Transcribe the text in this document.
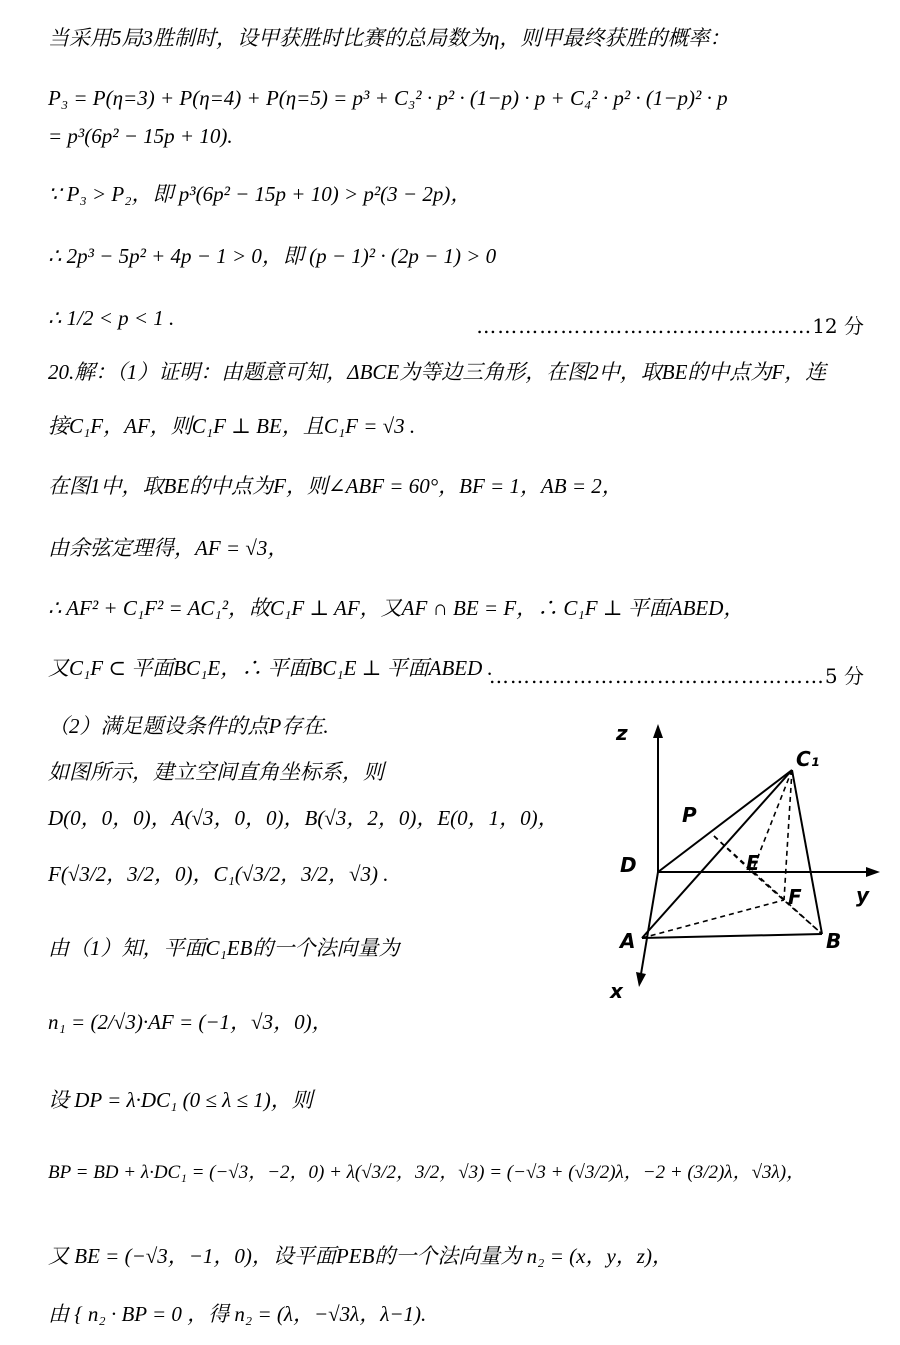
当采用5局3胜制时，设甲获胜时比赛的总局数为η，则甲最终获胜的概率：
P₃ = P(η=3) + P(η=4) + P(η=5) = p³ + C₃² · p² · (1−p) · p + C₄² · p² · (1−p)² · p
= p³(6p² − 15p + 10).
∵ P₃ > P₂，即 p³(6p² − 15p + 10) > p²(3 − 2p)，
∴ 2p³ − 5p² + 4p − 1 > 0，即 (p − 1)² · (2p − 1) > 0
∴ 1/2 < p < 1 .	…………………………………………12 分
20.解：（1）证明：由题意可知，ΔBCE为等边三角形，在图2中，取BE的中点为F，连
接C₁F，AF，则C₁F ⊥ BE，且C₁F = √3 .
在图1中，取BE的中点为F，则∠ABF = 60°，BF = 1，AB = 2，
由余弦定理得，AF = √3，
∴ AF² + C₁F² = AC₁²，故C₁F ⊥ AF，又AF ∩ BE = F，∴ C₁F ⊥ 平面ABED，
又C₁F ⊂ 平面BC₁E，∴ 平面BC₁E ⊥ 平面ABED .
…………………………………………5 分
（2）满足题设条件的点P存在.
如图所示，建立空间直角坐标系，则
D(0，0，0)，A(√3，0，0)，B(√3，2，0)，E(0，1，0)，
F(√3/2，3/2，0)，C₁(√3/2，3/2，√3) .
由（1）知，平面C₁EB的一个法向量为
n₁ = (2/√3)·AF = (−1，√3，0)，
设 DP = λ·DC₁ (0 ≤ λ ≤ 1)，则
BP = BD + λ·DC₁ = (−√3，−2，0) + λ(√3/2，3/2，√3) = (−√3 + (√3/2)λ，−2 + (3/2)λ，√3λ)，
又 BE = (−√3，−1，0)，设平面PEB的一个法向量为 n₂ = (x，y，z)，
由 { n₂ · BP = 0 ，得 n₂ = (λ，−√3λ，λ−1).
z
y
x
D
A	B
C₁
E
F
P
